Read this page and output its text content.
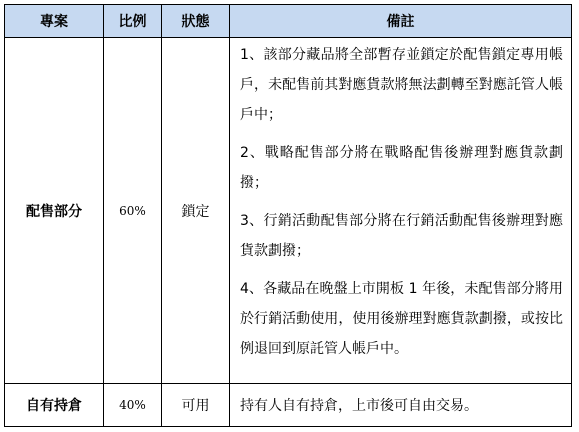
專案	比例	狀態	備註
配售部分	60%	鎖定	1、該部分藏品將全部暫存並鎖定於配售鎖定專用帳戶，未配售前其對應貨款將無法劃轉至對應託管人帳戶中；
2、戰略配售部分將在戰略配售後辦理對應貨款劃撥；
3、行銷活動配售部分將在行銷活動配售後辦理對應貨款劃撥；
4、各藏品在晚盤上市開板 1 年後，未配售部分將用於行銷活動使用，使用後辦理對應貨款劃撥，或按比例退回到原託管人帳戶中。

自有持倉	40%	可用	持有人自有持倉，上市後可自由交易。
